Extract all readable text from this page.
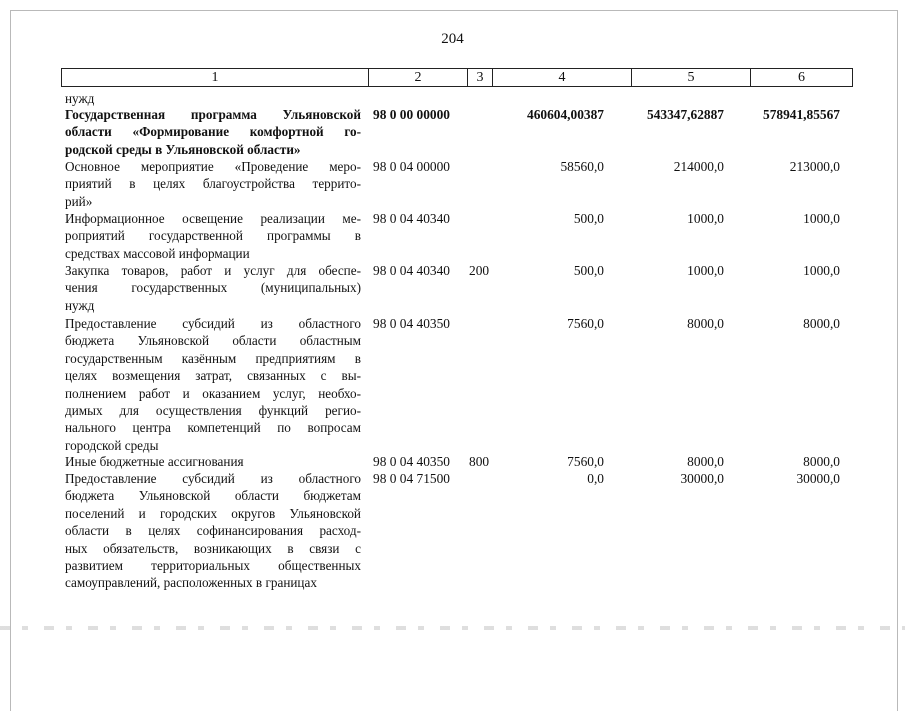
204
1	2	3	4	5	6
нужд
Государственная программа Ульяновской
области «Формирование комфортной го-
родской среды в Ульяновской области»
98 0 00 00000	460604,00387	543347,62887	578941,85567
Основное мероприятие «Проведение меро-
приятий в целях благоустройства террито-
рий»
98 0 04 00000	58560,0	214000,0	213000,0
Информационное освещение реализации ме-
роприятий государственной программы в
средствах массовой информации
98 0 04 40340	500,0	1000,0	1000,0
Закупка товаров, работ и услуг для обеспе-
чения государственных (муниципальных)
нужд
98 0 04 40340 200	500,0	1000,0	1000,0
Предоставление субсидий из областного
бюджета Ульяновской области областным
государственным казённым предприятиям в
целях возмещения затрат, связанных с вы-
полнением работ и оказанием услуг, необхо-
димых для осуществления функций регио-
нального центра компетенций по вопросам
городской среды
98 0 04 40350	7560,0	8000,0	8000,0
Иные бюджетные ассигнования	98 0 04 40350 800	7560,0	8000,0	8000,0
Предоставление субсидий из областного
бюджета Ульяновской области бюджетам
поселений и городских округов Ульяновской
области в целях софинансирования расход-
ных обязательств, возникающих в связи с
развитием территориальных общественных
самоуправлений, расположенных в границах
98 0 04 71500	0,0	30000,0	30000,0
